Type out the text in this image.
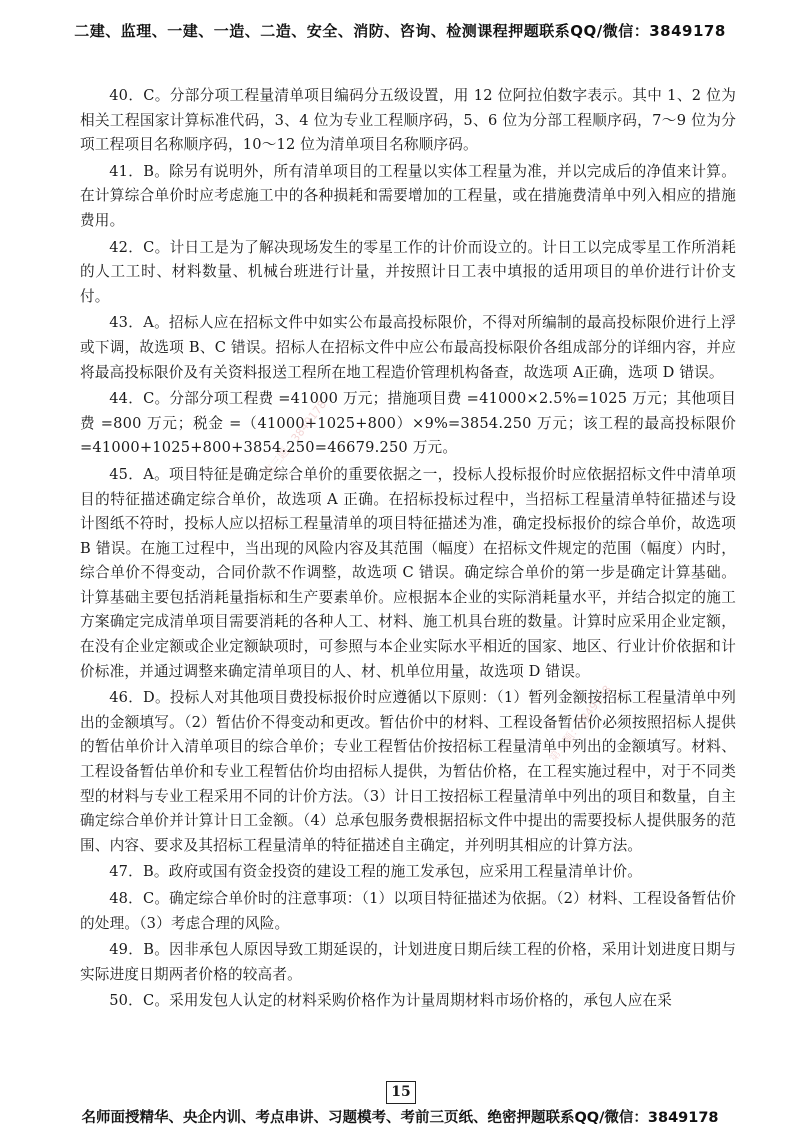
二建、监理、一建、一造、二造、安全、消防、咨询、检测课程押题联系QQ/微信：3849178

40．C。分部分项工程量清单项目编码分五级设置，用 12 位阿拉伯数字表示。其中 1、2 位为相关工程国家计算标准代码，3、4 位为专业工程顺序码，5、6 位为分部工程顺序码，7～9 位为分项工程项目名称顺序码，10～12 位为清单项目名称顺序码。

41．B。除另有说明外，所有清单项目的工程量以实体工程量为准，并以完成后的净值来计算。在计算综合单价时应考虑施工中的各种损耗和需要增加的工程量，或在措施费清单中列入相应的措施费用。

42．C。计日工是为了解决现场发生的零星工作的计价而设立的。计日工以完成零星工作所消耗的人工工时、材料数量、机械台班进行计量，并按照计日工表中填报的适用项目的单价进行计价支付。

43．A。招标人应在招标文件中如实公布最高投标限价，不得对所编制的最高投标限价进行上浮或下调，故选项 B、C 错误。招标人在招标文件中应公布最高投标限价各组成部分的详细内容，并应将最高投标限价及有关资料报送工程所在地工程造价管理机构备查，故选项 A正确，选项 D 错误。

44．C。分部分项工程费 =41000 万元；措施项目费 =41000×2.5%=1025 万元；其他项目费 =800 万元；税金 =（41000+1025+800）×9%=3854.250 万元；该工程的最高投标限价 =41000+1025+800+3854.250=46679.250 万元。

45．A。项目特征是确定综合单价的重要依据之一，投标人投标报价时应依据招标文件中清单项目的特征描述确定综合单价，故选项 A 正确。在招标投标过程中，当招标工程量清单特征描述与设计图纸不符时，投标人应以招标工程量清单的项目特征描述为准，确定投标报价的综合单价，故选项 B 错误。在施工过程中，当出现的风险内容及其范围（幅度）在招标文件规定的范围（幅度）内时，综合单价不得变动，合同价款不作调整，故选项 C 错误。确定综合单价的第一步是确定计算基础。计算基础主要包括消耗量指标和生产要素单价。应根据本企业的实际消耗量水平，并结合拟定的施工方案确定完成清单项目需要消耗的各种人工、材料、施工机具台班的数量。计算时应采用企业定额，在没有企业定额或企业定额缺项时，可参照与本企业实际水平相近的国家、地区、行业计价依据和计价标准，并通过调整来确定清单项目的人、材、机单位用量，故选项 D 错误。

46．D。投标人对其他项目费投标报价时应遵循以下原则：（1）暂列金额按招标工程量清单中列出的金额填写。（2）暂估价不得变动和更改。暂估价中的材料、工程设备暂估价必须按照招标人提供的暂估单价计入清单项目的综合单价；专业工程暂估价按招标工程量清单中列出的金额填写。材料、工程设备暂估单价和专业工程暂估价均由招标人提供，为暂估价格，在工程实施过程中，对于不同类型的材料与专业工程采用不同的计价方法。（3）计日工按招标工程量清单中列出的项目和数量，自主确定综合单价并计算计日工金额。（4）总承包服务费根据招标文件中提出的需要投标人提供服务的范围、内容、要求及其招标工程量清单的特征描述自主确定，并列明其相应的计算方法。

47．B。政府或国有资金投资的建设工程的施工发承包，应采用工程量清单计价。

48．C。确定综合单价时的注意事项：（1）以项目特征描述为依据。（2）材料、工程设备暂估价的处理。（3）考虑合理的风险。

49．B。因非承包人原因导致工期延误的，计划进度日期后续工程的价格，采用计划进度日期与实际进度日期两者价格的较高者。

50．C。采用发包人认定的材料采购价格作为计量周期材料市场价格的，承包人应在采

第三题：3849178
第三题：3849178
15
名师面授精华、央企内训、考点串讲、习题模考、考前三页纸、绝密押题联系QQ/微信：3849178
